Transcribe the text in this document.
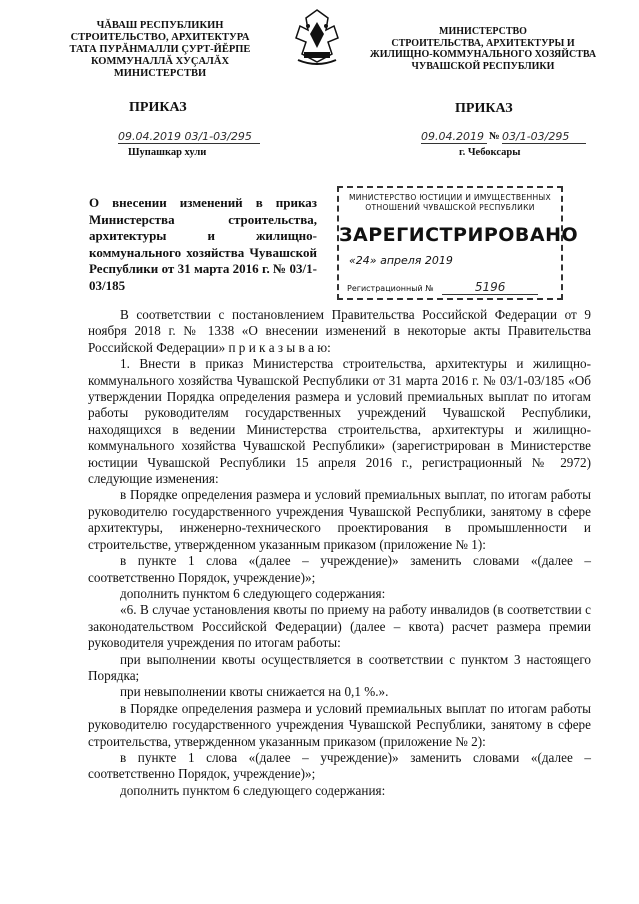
ЧĂВАШ РЕСПУБЛИКИН
СТРОИТЕЛЬСТВО, АРХИТЕКТУРА
ТАТА ПУРĂНМАЛЛИ ÇУРТ-ЙĔРПЕ
КОММУНАЛЛĂ ХУÇАЛĂХ
МИНИСТЕРСТВИ
МИНИСТЕРСТВО
СТРОИТЕЛЬСТВА, АРХИТЕКТУРЫ И
ЖИЛИЩНО-КОММУНАЛЬНОГО ХОЗЯЙСТВА
ЧУВАШСКОЙ РЕСПУБЛИКИ
ПРИКАЗ
09.04.2019 03/1-03/295
Шупашкар хули
ПРИКАЗ
09.04.2019 № 03/1-03/295
г. Чебоксары
О внесении изменений в приказ Министерства строительства, архитектуры и жилищно-коммунального хозяйства Чувашской Республики от 31 марта 2016 г. № 03/1-03/185
МИНИСТЕРСТВО ЮСТИЦИИ И ИМУЩЕСТВЕННЫХ
ОТНОШЕНИЙ ЧУВАШСКОЙ РЕСПУБЛИКИ
ЗАРЕГИСТРИРОВАНО
«24» апреля 2019
Регистрационный №	5196

В соответствии с постановлением Правительства Российской Федерации от 9 ноября 2018 г. № 1338 «О внесении изменений в некоторые акты Правительства Российской Федерации» п р и к а з ы в а ю:

1. Внести в приказ Министерства строительства, архитектуры и жилищно-коммунального хозяйства Чувашской Республики от 31 марта 2016 г. № 03/1-03/185 «Об утверждении Порядка определения размера и условий премиальных выплат по итогам работы руководителям государственных учреждений Чувашской Республики, находящихся в ведении Министерства строительства, архитектуры и жилищно-коммунального хозяйства Чувашской Республики» (зарегистрирован в Министерстве юстиции Чувашской Республики 15 апреля 2016 г., регистрационный № 2972) следующие изменения:

в Порядке определения размера и условий премиальных выплат, по итогам работы руководителю государственного учреждения Чувашской Республики, занятому в сфере архитектуры, инженерно-технического проектирования в промышленности и строительстве, утвержденном указанным приказом (приложение № 1):

в пункте 1 слова «(далее – учреждение)» заменить словами «(далее – соответственно Порядок, учреждение)»;

дополнить пунктом 6 следующего содержания:

«6. В случае установления квоты по приему на работу инвалидов (в соответствии с законодательством Российской Федерации) (далее – квота) расчет размера премии руководителя учреждения по итогам работы:

при выполнении квоты осуществляется в соответствии с пунктом 3 настоящего Порядка;

при невыполнении квоты снижается на 0,1 %.».

в Порядке определения размера и условий премиальных выплат по итогам работы руководителю государственного учреждения Чувашской Республики, занятому в сфере строительства, утвержденном указанным приказом (приложение № 2):

в пункте 1 слова «(далее – учреждение)» заменить словами «(далее – соответственно Порядок, учреждение)»;

дополнить пунктом 6 следующего содержания:
